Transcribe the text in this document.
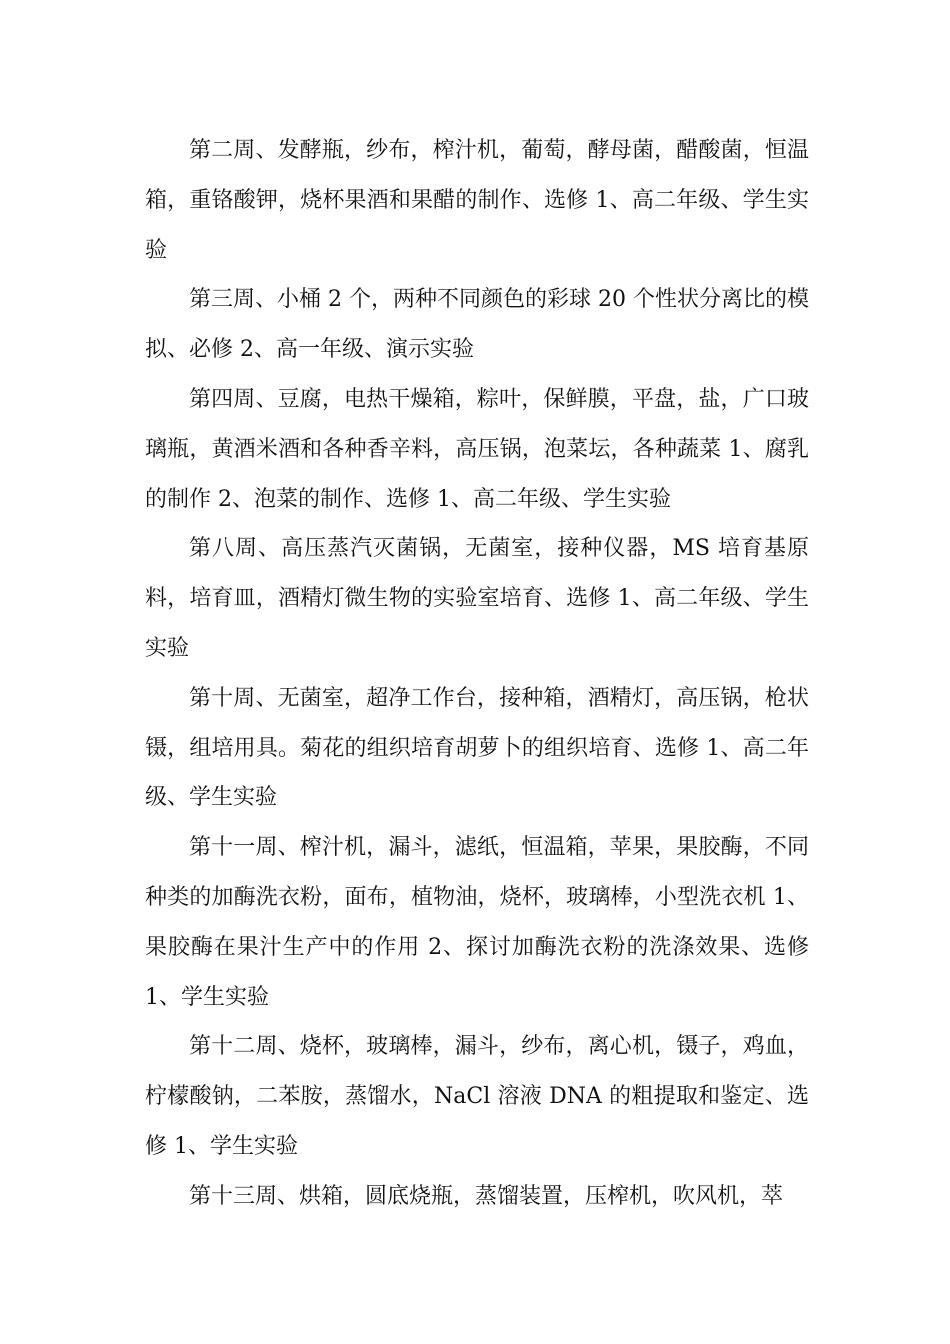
第二周、发酵瓶，纱布，榨汁机，葡萄，酵母菌，醋酸菌，恒温箱，重铬酸钾，烧杯果酒和果醋的制作、选修 1、高二年级、学生实验

第三周、小桶 2 个，两种不同颜色的彩球 20 个性状分离比的模拟、必修 2、高一年级、演示实验

第四周、豆腐，电热干燥箱，粽叶，保鲜膜，平盘，盐，广口玻璃瓶，黄酒米酒和各种香辛料，高压锅，泡菜坛，各种蔬菜 1、腐乳的制作 2、泡菜的制作、选修 1、高二年级、学生实验

第八周、高压蒸汽灭菌锅，无菌室，接种仪器，MS 培育基原料，培育皿，酒精灯微生物的实验室培育、选修 1、高二年级、学生实验

第十周、无菌室，超净工作台，接种箱，酒精灯，高压锅，枪状镊，组培用具。菊花的组织培育胡萝卜的组织培育、选修 1、高二年级、学生实验

第十一周、榨汁机，漏斗，滤纸，恒温箱，苹果，果胶酶，不同种类的加酶洗衣粉，面布，植物油，烧杯，玻璃棒，小型洗衣机 1、果胶酶在果汁生产中的作用 2、探讨加酶洗衣粉的洗涤效果、选修 1、学生实验

第十二周、烧杯，玻璃棒，漏斗，纱布，离心机，镊子，鸡血，柠檬酸钠，二苯胺，蒸馏水，NaCl 溶液 DNA 的粗提取和鉴定、选修 1、学生实验

第十三周、烘箱，圆底烧瓶，蒸馏装置，压榨机，吹风机，萃
